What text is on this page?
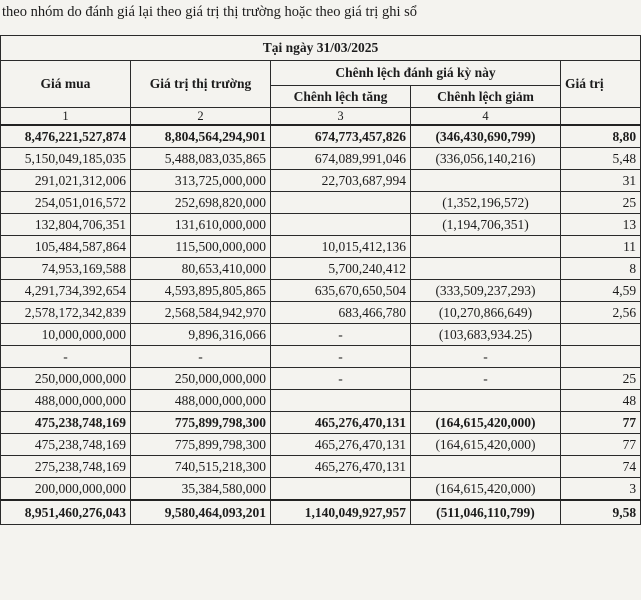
theo nhóm do đánh giá lại theo giá trị thị trường hoặc theo giá trị ghi sổ
Tại ngày 31/03/2025				
Giá mua	Giá trị thị trường	Chênh lệch đánh giá kỳ này		Giá trị
		Chênh lệch tăng	Chênh lệch giảm	
1	2	3	4	
8,476,221,527,874	8,804,564,294,901	674,773,457,826	(346,430,690,799)	8,80
5,150,049,185,035	5,488,083,035,865	674,089,991,046	(336,056,140,216)	5,48
291,021,312,006	313,725,000,000	22,703,687,994		31
254,051,016,572	252,698,820,000		(1,352,196,572)	25
132,804,706,351	131,610,000,000		(1,194,706,351)	13
105,484,587,864	115,500,000,000	10,015,412,136		11
74,953,169,588	80,653,410,000	5,700,240,412		8
4,291,734,392,654	4,593,895,805,865	635,670,650,504	(333,509,237,293)	4,59
2,578,172,342,839	2,568,584,942,970	683,466,780	(10,270,866,649)	2,56
10,000,000,000	9,896,316,066	-	(103,683,934.25)	
-	-	-	-	
250,000,000,000	250,000,000,000	-	-	25
488,000,000,000	488,000,000,000			48
475,238,748,169	775,899,798,300	465,276,470,131	(164,615,420,000)	77
475,238,748,169	775,899,798,300	465,276,470,131	(164,615,420,000)	77
275,238,748,169	740,515,218,300	465,276,470,131		74
200,000,000,000	35,384,580,000		(164,615,420,000)	3
8,951,460,276,043	9,580,464,093,201	1,140,049,927,957	(511,046,110,799)	9,58
